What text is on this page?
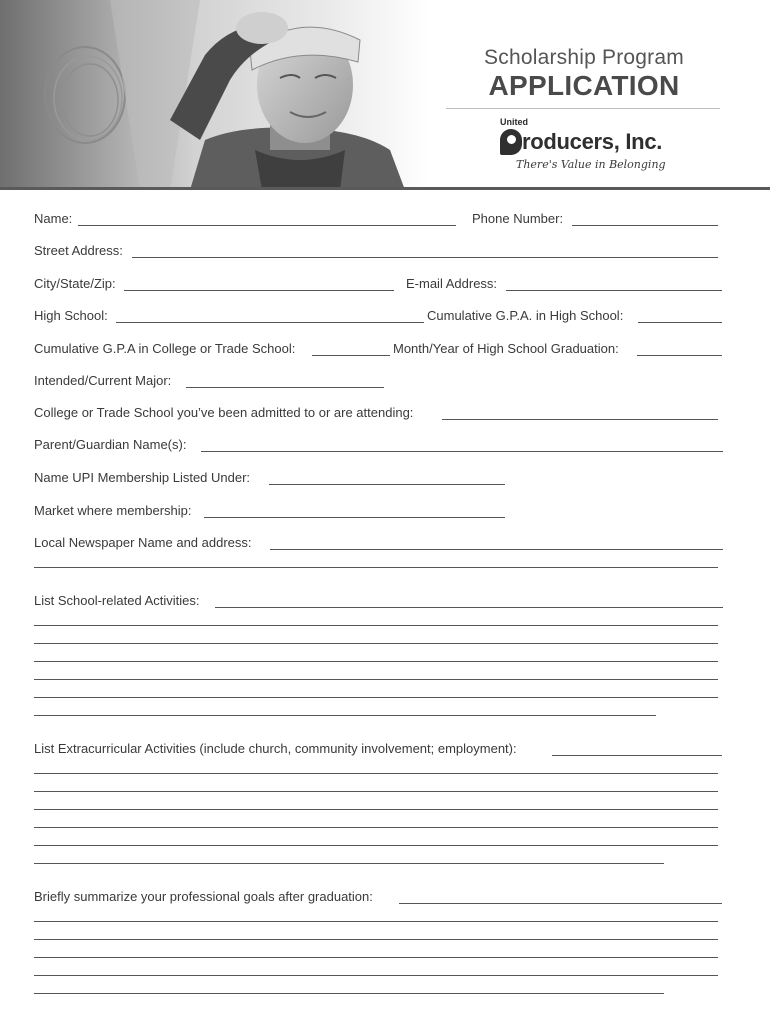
Scholarship Program
APPLICATION
United
roducers, Inc.
There's Value in Belonging
Name:	Phone Number:
Street Address:
City/State/Zip:	E-mail Address:
High School:	Cumulative G.P.A. in High School:
Cumulative G.P.A in College or Trade School:	Month/Year of High School Graduation:
Intended/Current Major:
College or Trade School you’ve been admitted to or are attending:
Parent/Guardian Name(s):
Name UPI Membership Listed Under:
Market where membership:
Local Newspaper Name and address:
List School-related Activities:
List Extracurricular Activities (include church, community involvement; employment):
Briefly summarize your professional goals after graduation:
